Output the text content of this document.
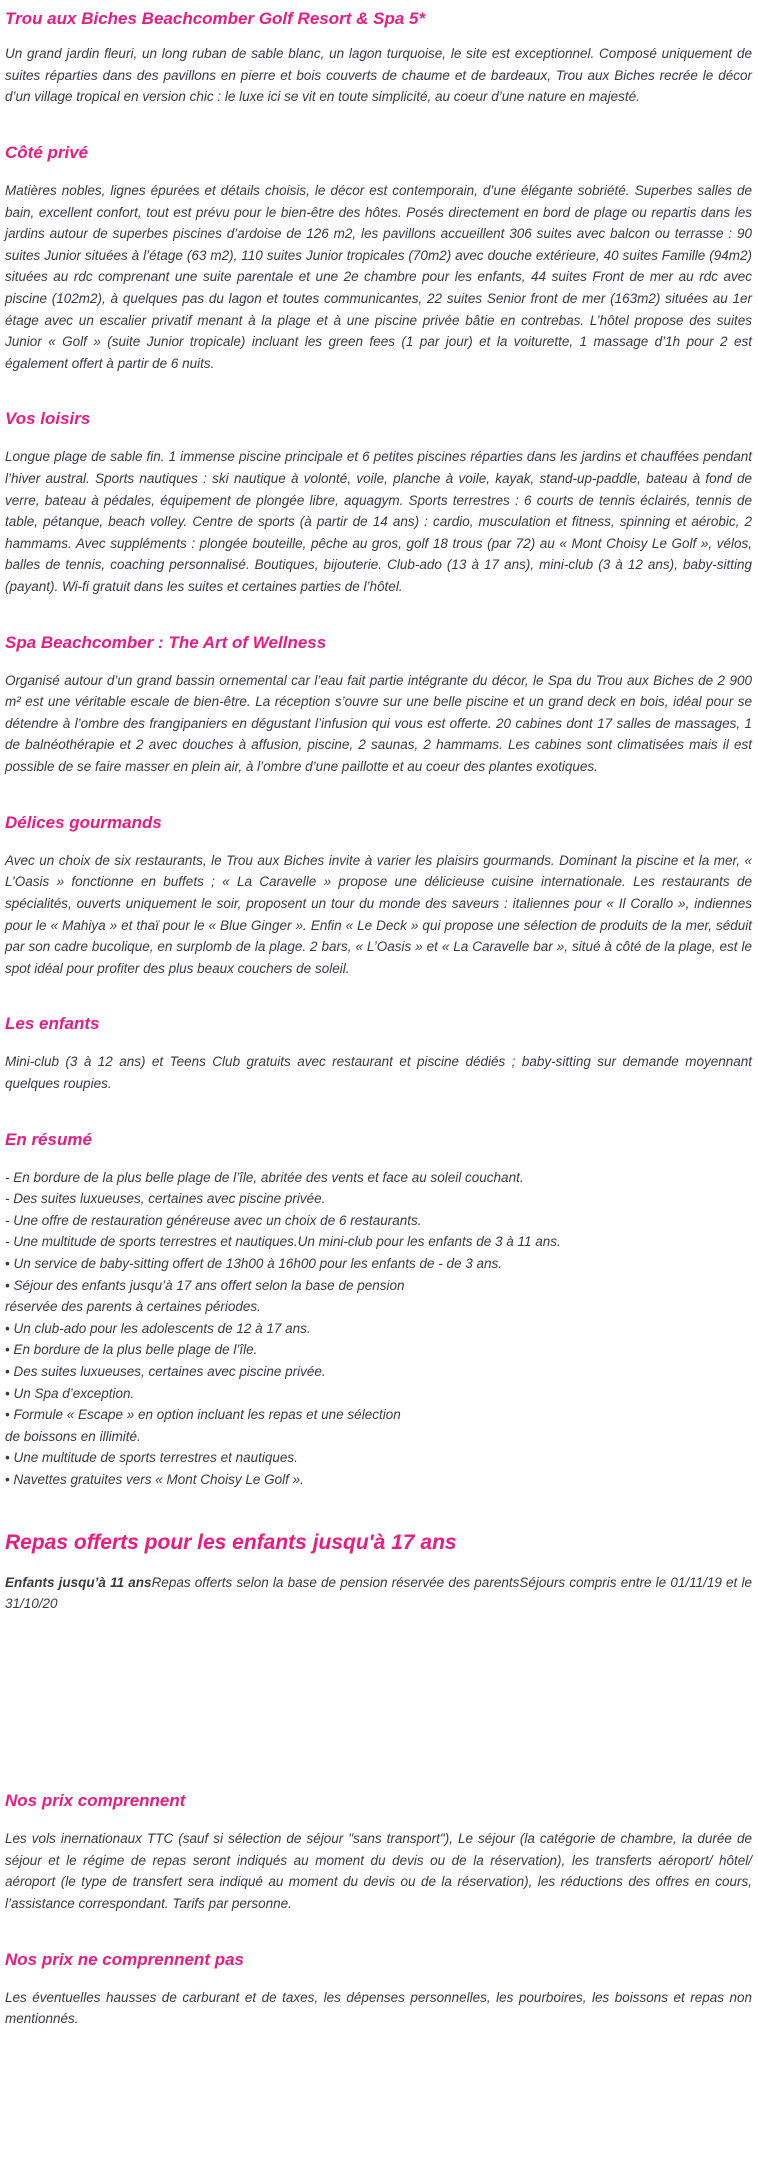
Trou aux Biches Beachcomber Golf Resort & Spa 5*

Un grand jardin fleuri, un long ruban de sable blanc, un lagon turquoise, le site est exceptionnel. Composé uniquement de suites réparties dans des pavillons en pierre et bois couverts de chaume et de bardeaux, Trou aux Biches recrée le décor d’un village tropical en version chic : le luxe ici se vit en toute simplicité, au coeur d’une nature en majesté.

Côté privé

Matières nobles, lignes épurées et détails choisis, le décor est contemporain, d’une élégante sobriété. Superbes salles de bain, excellent confort, tout est prévu pour le bien-être des hôtes. Posés directement en bord de plage ou repartis dans les jardins autour de superbes piscines d’ardoise de 126 m2, les pavillons accueillent 306 suites avec balcon ou terrasse : 90 suites Junior situées à l’étage (63 m2), 110 suites Junior tropicales (70m2) avec douche extérieure, 40 suites Famille (94m2) situées au rdc comprenant une suite parentale et une 2e chambre pour les enfants, 44 suites Front de mer au rdc avec piscine (102m2), à quelques pas du lagon et toutes communicantes, 22 suites Senior front de mer (163m2) situées au 1er étage avec un escalier privatif menant à la plage et à une piscine privée bâtie en contrebas. L’hôtel propose des suites Junior « Golf » (suite Junior tropicale) incluant les green fees (1 par jour) et la voiturette, 1 massage d’1h pour 2 est également offert à partir de 6 nuits.

Vos loisirs

Longue plage de sable fin. 1 immense piscine principale et 6 petites piscines réparties dans les jardins et chauffées pendant l’hiver austral. Sports nautiques : ski nautique à volonté, voile, planche à voile, kayak, stand-up-paddle, bateau à fond de verre, bateau à pédales, équipement de plongée libre, aquagym. Sports terrestres : 6 courts de tennis éclairés, tennis de table, pétanque, beach volley. Centre de sports (à partir de 14 ans) : cardio, musculation et fitness, spinning et aérobic, 2 hammams. Avec suppléments : plongée bouteille, pêche au gros, golf 18 trous (par 72) au « Mont Choisy Le Golf », vélos, balles de tennis, coaching personnalisé. Boutiques, bijouterie. Club-ado (13 à 17 ans), mini-club (3 à 12 ans), baby-sitting (payant). Wi-fi gratuit dans les suites et certaines parties de l’hôtel.

Spa Beachcomber : The Art of Wellness

Organisé autour d’un grand bassin ornemental car l’eau fait partie intégrante du décor, le Spa du Trou aux Biches de 2 900 m² est une véritable escale de bien-être. La réception s’ouvre sur une belle piscine et un grand deck en bois, idéal pour se détendre à l’ombre des frangipaniers en dégustant l’infusion qui vous est offerte. 20 cabines dont 17 salles de massages, 1 de balnéothérapie et 2 avec douches à affusion, piscine, 2 saunas, 2 hammams. Les cabines sont climatisées mais il est possible de se faire masser en plein air, à l’ombre d’une paillotte et au coeur des plantes exotiques.

Délices gourmands

Avec un choix de six restaurants, le Trou aux Biches invite à varier les plaisirs gourmands. Dominant la piscine et la mer, « L’Oasis » fonctionne en buffets ; « La Caravelle » propose une délicieuse cuisine internationale. Les restaurants de spécialités, ouverts uniquement le soir, proposent un tour du monde des saveurs : italiennes pour « Il Corallo », indiennes pour le « Mahiya » et thaï pour le « Blue Ginger ». Enfin « Le Deck » qui propose une sélection de produits de la mer, séduit par son cadre bucolique, en surplomb de la plage. 2 bars, « L’Oasis » et « La Caravelle bar », situé à côté de la plage, est le spot idéal pour profiter des plus beaux couchers de soleil.

Les enfants

Mini-club (3 à 12 ans) et Teens Club gratuits avec restaurant et piscine dédiés ; baby-sitting sur demande moyennant quelques roupies.

En résumé
- En bordure de la plus belle plage de l’île, abritée des vents et face au soleil couchant.
- Des suites luxueuses, certaines avec piscine privée.
- Une offre de restauration généreuse avec un choix de 6 restaurants.
- Une multitude de sports terrestres et nautiques.Un mini-club pour les enfants de 3 à 11 ans.
• Un service de baby-sitting offert de 13h00 à 16h00 pour les enfants de - de 3 ans.
• Séjour des enfants jusqu’à 17 ans offert selon la base de pension
réservée des parents à certaines périodes.
• Un club-ado pour les adolescents de 12 à 17 ans.
• En bordure de la plus belle plage de l’île.
• Des suites luxueuses, certaines avec piscine privée.
• Un Spa d’exception.
• Formule « Escape » en option incluant les repas et une sélection
de boissons en illimité.
• Une multitude de sports terrestres et nautiques.
• Navettes gratuites vers « Mont Choisy Le Golf ».
Repas offerts pour les enfants jusqu'à 17 ans

Enfants jusqu’à 11 ansRepas offerts selon la base de pension réservée des parentsSéjours compris entre le 01/11/19 et le 31/10/20

Nos prix comprennent

Les vols inernationaux TTC (sauf si sélection de séjour "sans transport"), Le séjour (la catégorie de chambre, la durée de séjour et le régime de repas seront indiqués au moment du devis ou de la réservation), les transferts aéroport/ hôtel/ aéroport (le type de transfert sera indiqué au moment du devis ou de la réservation), les réductions des offres en cours, l’assistance correspondant. Tarifs par personne.

Nos prix ne comprennent pas

Les éventuelles hausses de carburant et de taxes, les dépenses personnelles, les pourboires, les boissons et repas non mentionnés.
